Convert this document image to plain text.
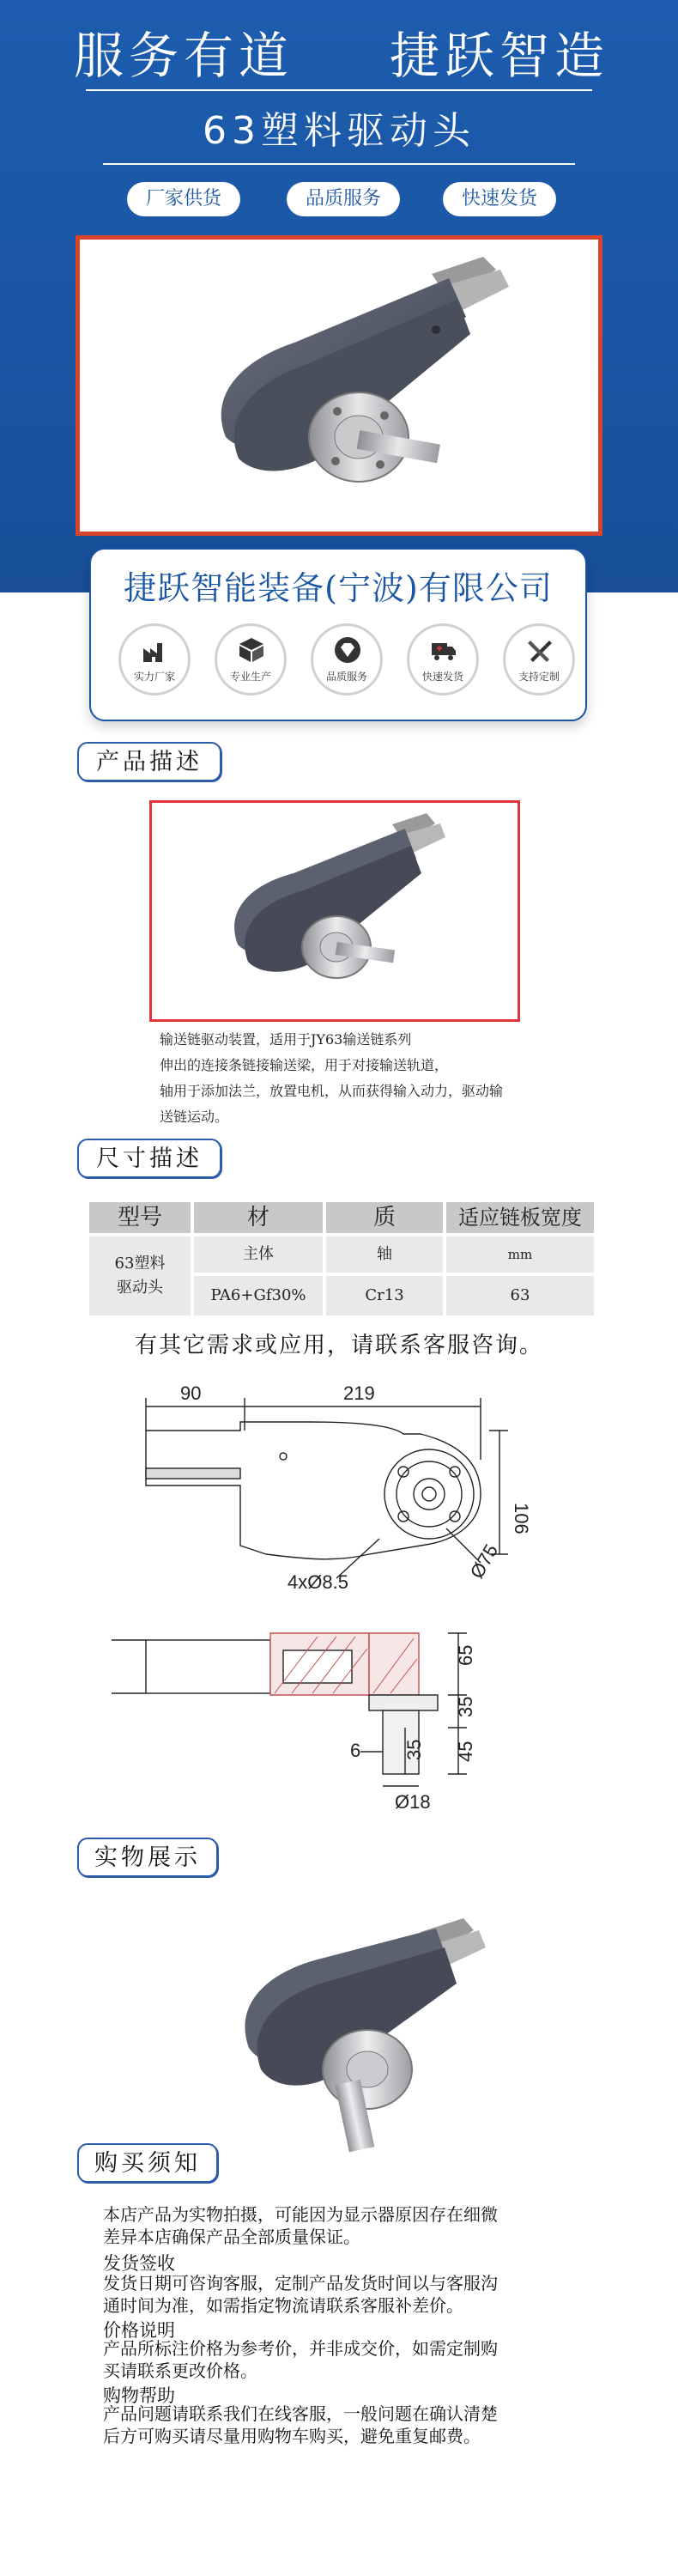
服务有道 捷跃智造
63塑料驱动头
厂家供货	品质服务	快速发货
捷跃智能装备(宁波)有限公司
实力厂家	专业生产	品质服务	快速发货	支持定制
产品描述
输送链驱动装置，适用于JY63输送链系列
伸出的连接条链接输送梁，用于对接输送轨道，
轴用于添加法兰，放置电机，从而获得输入动力，驱动输
送链运动。
尺寸描述
型号	材	质	适应链板宽度
63塑料
驱动头
主体	轴	mm
PA6+Gf30%	Cr13	63
有其它需求或应用，请联系客服咨询。
90	219
106
Ø75
4xØ8.5
65
35
6 35 45
Ø18
实物展示
购买须知
本店产品为实物拍摄，可能因为显示器原因存在细微
差异本店确保产品全部质量保证。
发货签收
发货日期可咨询客服，定制产品发货时间以与客服沟
通时间为准，如需指定物流请联系客服补差价。
价格说明
产品所标注价格为参考价，并非成交价，如需定制购
买请联系更改价格。
购物帮助
产品问题请联系我们在线客服，一般问题在确认清楚
后方可购买请尽量用购物车购买，避免重复邮费。
